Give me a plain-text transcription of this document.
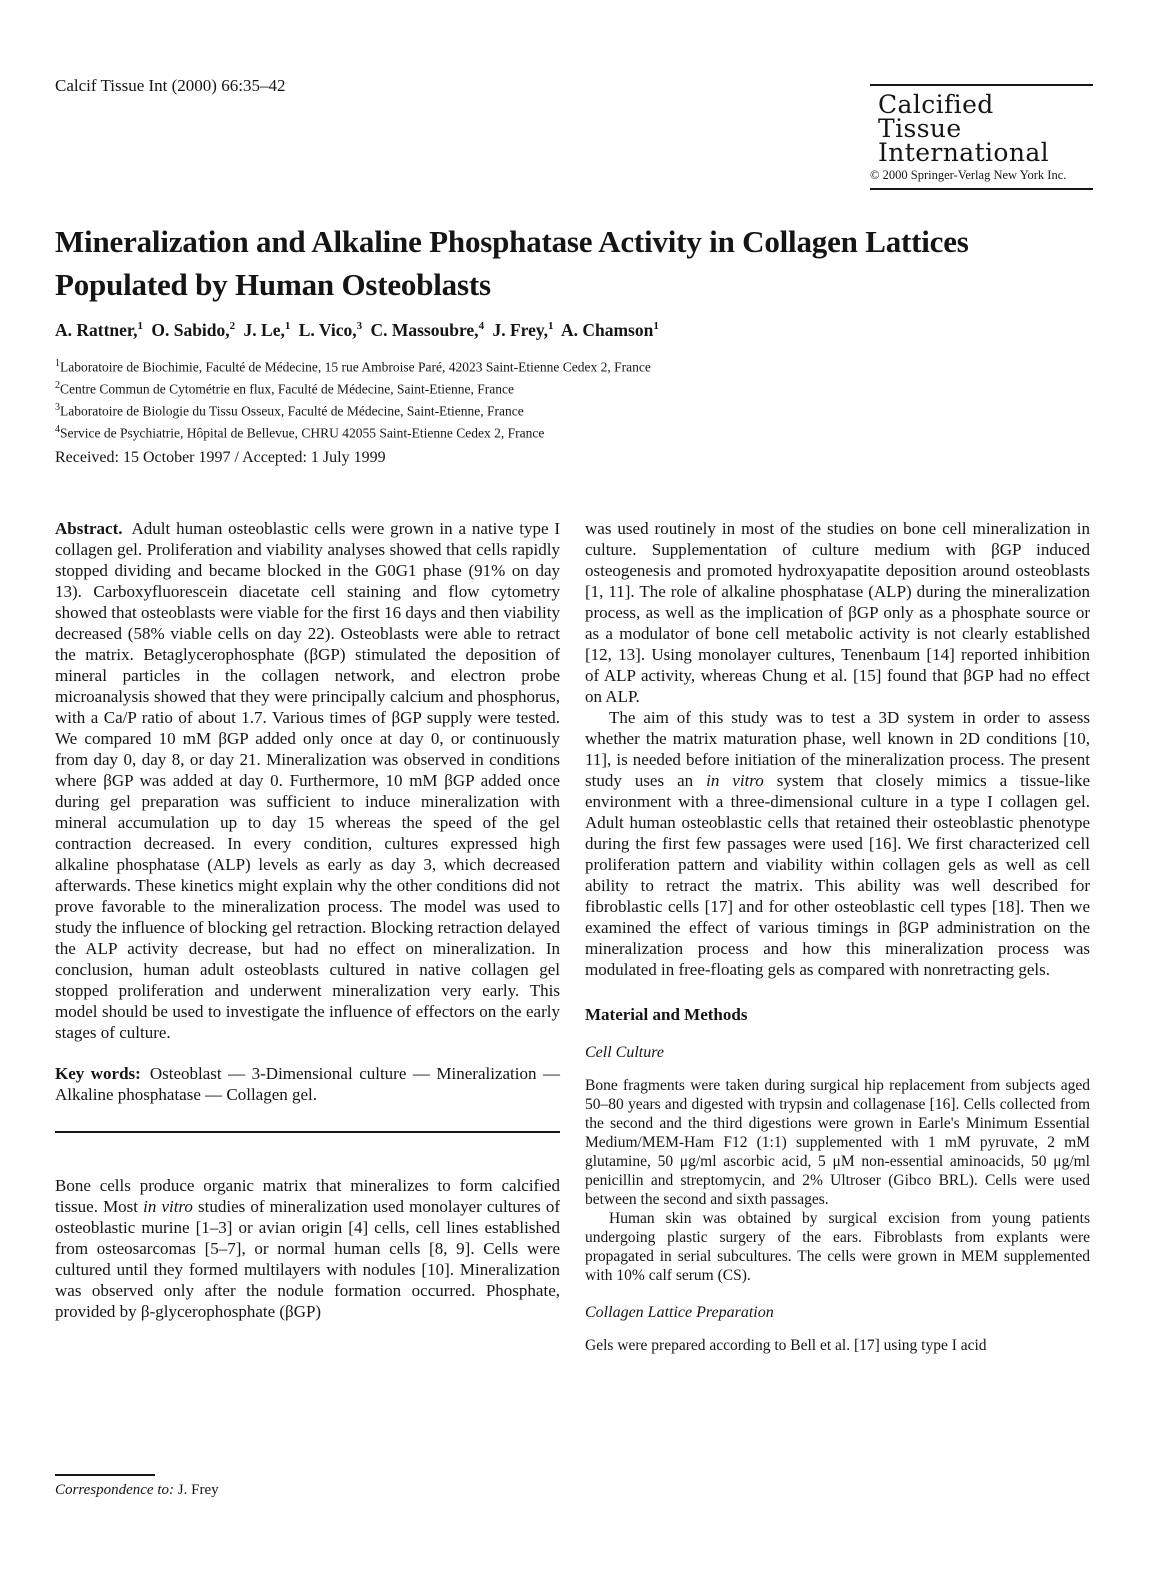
Calcif Tissue Int (2000) 66:35–42
Calcified
Tissue
International
© 2000 Springer-Verlag New York Inc.
Mineralization and Alkaline Phosphatase Activity in Collagen Lattices Populated by Human Osteoblasts
A. Rattner,$^1$ O. Sabido,$^2$ J. Le,$^1$ L. Vico,$^3$ C. Massoubre,$^4$ J. Frey,$^1$ A. Chamson$^1$
$^1$Laboratoire de Biochimie, Faculté de Médecine, 15 rue Ambroise Paré, 42023 Saint-Etienne Cedex 2, France
$^2$Centre Commun de Cytométrie en flux, Faculté de Médecine, Saint-Etienne, France
$^3$Laboratoire de Biologie du Tissu Osseux, Faculté de Médecine, Saint-Etienne, France
$^4$Service de Psychiatrie, Hôpital de Bellevue, CHRU 42055 Saint-Etienne Cedex 2, France
Received: 15 October 1997 / Accepted: 1 July 1999

Abstract. Adult human osteoblastic cells were grown in a native type I collagen gel. Proliferation and viability analyses showed that cells rapidly stopped dividing and became blocked in the G0G1 phase (91% on day 13). Carboxyfluorescein diacetate cell staining and flow cytometry showed that osteoblasts were viable for the first 16 days and then viability decreased (58% viable cells on day 22). Osteoblasts were able to retract the matrix. Betaglycerophosphate (βGP) stimulated the deposition of mineral particles in the collagen network, and electron probe microanalysis showed that they were principally calcium and phosphorus, with a Ca/P ratio of about 1.7. Various times of βGP supply were tested. We compared 10 mM βGP added only once at day 0, or continuously from day 0, day 8, or day 21. Mineralization was observed in conditions where βGP was added at day 0. Furthermore, 10 mM βGP added once during gel preparation was sufficient to induce mineralization with mineral accumulation up to day 15 whereas the speed of the gel contraction decreased. In every condition, cultures expressed high alkaline phosphatase (ALP) levels as early as day 3, which decreased afterwards. These kinetics might explain why the other conditions did not prove favorable to the mineralization process. The model was used to study the influence of blocking gel retraction. Blocking retraction delayed the ALP activity decrease, but had no effect on mineralization. In conclusion, human adult osteoblasts cultured in native collagen gel stopped proliferation and underwent mineralization very early. This model should be used to investigate the influence of effectors on the early stages of culture.

Key words: Osteoblast — 3-Dimensional culture — Mineralization — Alkaline phosphatase — Collagen gel.

Bone cells produce organic matrix that mineralizes to form calcified tissue. Most in vitro studies of mineralization used monolayer cultures of osteoblastic murine [1–3] or avian origin [4] cells, cell lines established from osteosarcomas [5–7], or normal human cells [8, 9]. Cells were cultured until they formed multilayers with nodules [10]. Mineralization was observed only after the nodule formation occurred. Phosphate, provided by β-glycerophosphate (βGP)

was used routinely in most of the studies on bone cell mineralization in culture. Supplementation of culture medium with βGP induced osteogenesis and promoted hydroxyapatite deposition around osteoblasts [1, 11]. The role of alkaline phosphatase (ALP) during the mineralization process, as well as the implication of βGP only as a phosphate source or as a modulator of bone cell metabolic activity is not clearly established [12, 13]. Using monolayer cultures, Tenenbaum [14] reported inhibition of ALP activity, whereas Chung et al. [15] found that βGP had no effect on ALP.

The aim of this study was to test a 3D system in order to assess whether the matrix maturation phase, well known in 2D conditions [10, 11], is needed before initiation of the mineralization process. The present study uses an in vitro system that closely mimics a tissue-like environment with a three-dimensional culture in a type I collagen gel. Adult human osteoblastic cells that retained their osteoblastic phenotype during the first few passages were used [16]. We first characterized cell proliferation pattern and viability within collagen gels as well as cell ability to retract the matrix. This ability was well described for fibroblastic cells [17] and for other osteoblastic cell types [18]. Then we examined the effect of various timings in βGP administration on the mineralization process and how this mineralization process was modulated in free-floating gels as compared with nonretracting gels.

Material and Methods
Cell Culture

Bone fragments were taken during surgical hip replacement from subjects aged 50–80 years and digested with trypsin and collagenase [16]. Cells collected from the second and the third digestions were grown in Earle's Minimum Essential Medium/MEM-Ham F12 (1:1) supplemented with 1 mM pyruvate, 2 mM glutamine, 50 μg/ml ascorbic acid, 5 μM non-essential aminoacids, 50 μg/ml penicillin and streptomycin, and 2% Ultroser (Gibco BRL). Cells were used between the second and sixth passages.

Human skin was obtained by surgical excision from young patients undergoing plastic surgery of the ears. Fibroblasts from explants were propagated in serial subcultures. The cells were grown in MEM supplemented with 10% calf serum (CS).

Collagen Lattice Preparation

Gels were prepared according to Bell et al. [17] using type I acid

Correspondence to: J. Frey
